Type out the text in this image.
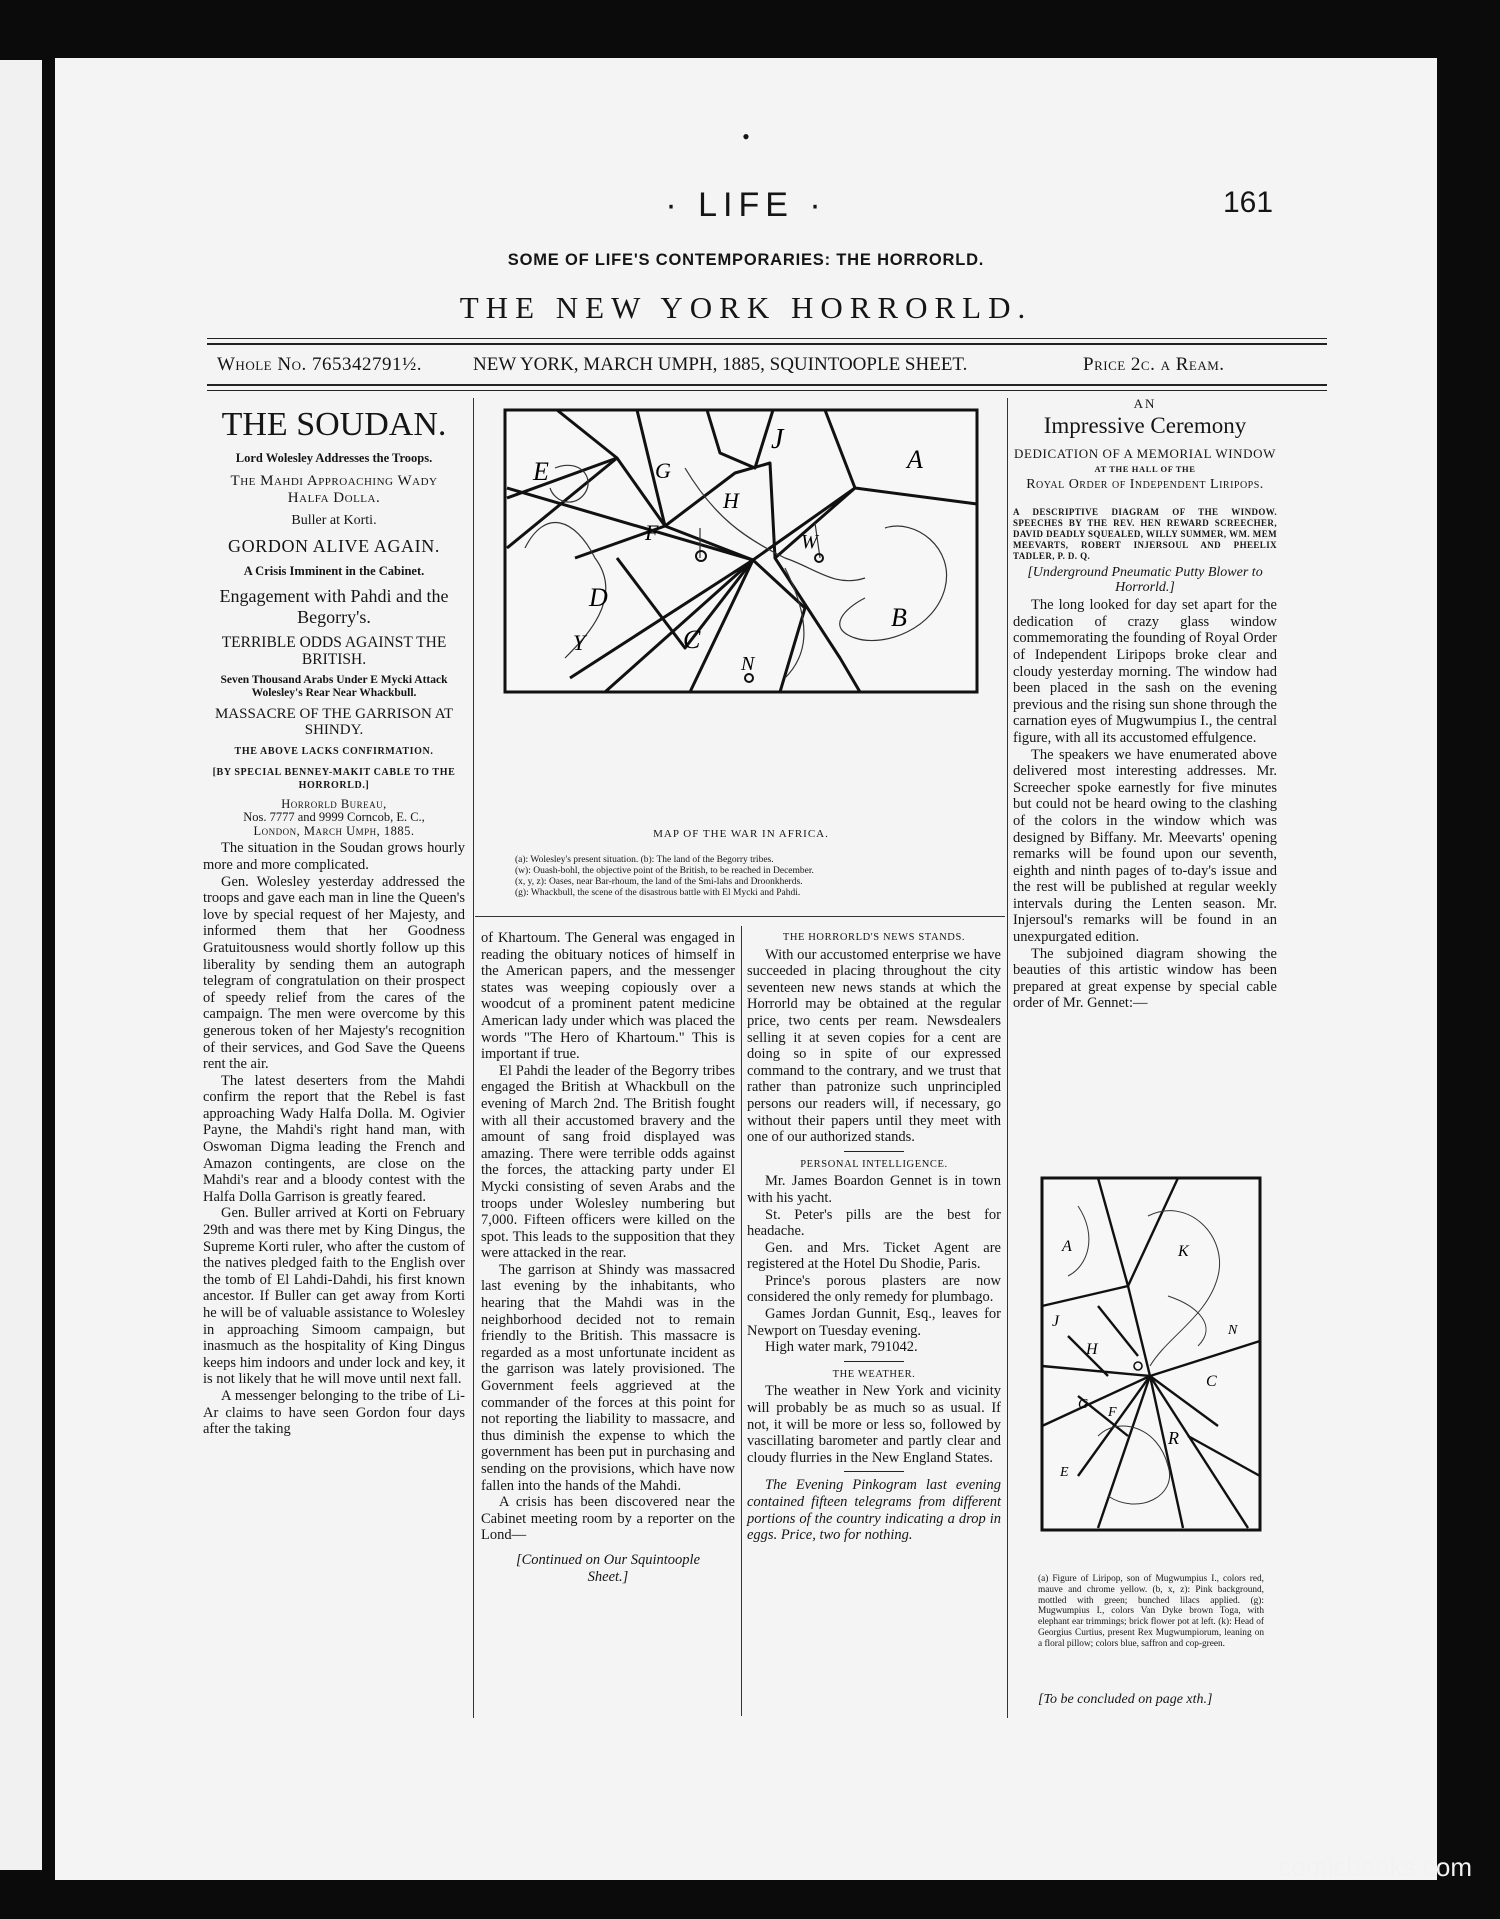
•
· LIFE ·	161
SOME OF LIFE'S CONTEMPORARIES: THE HORRORLD.
THE NEW YORK HORRORLD.
Whole No. 765342791½.	NEW YORK, MARCH UMPH, 1885, SQUINTOOPLE SHEET.	Price 2c. a Ream.
THE SOUDAN.
Lord Wolesley Addresses the Troops.
The Mahdi Approaching Wady Halfa Dolla.
Buller at Korti.
GORDON ALIVE AGAIN.
A Crisis Imminent in the Cabinet.
Engagement with Pahdi and the Begorry's.
TERRIBLE ODDS AGAINST THE BRITISH.
Seven Thousand Arabs Under E Mycki Attack Wolesley's Rear Near Whackbull.
MASSACRE OF THE GARRISON AT SHINDY.
THE ABOVE LACKS CONFIRMATION.
[BY SPECIAL BENNEY-MAKIT CABLE TO THE HORRORLD.]
Horrorld Bureau,
Nos. 7777 and 9999 Corncob, E. C.,
London, March Umph, 1885.

The situation in the Soudan grows hourly more and more complicated.

Gen. Wolesley yesterday addressed the troops and gave each man in line the Queen's love by special request of her Majesty, and informed them that her Goodness Gratuitousness would shortly follow up this liberality by sending them an autograph telegram of congratulation on their prospect of speedy relief from the cares of the campaign. The men were overcome by this generous token of her Majesty's recognition of their services, and God Save the Queens rent the air.

The latest deserters from the Mahdi confirm the report that the Rebel is fast approaching Wady Halfa Dolla. M. Ogivier Payne, the Mahdi's right hand man, with Oswoman Digma leading the French and Amazon contingents, are close on the Mahdi's rear and a bloody contest with the Halfa Dolla Garrison is greatly feared.

Gen. Buller arrived at Korti on February 29th and was there met by King Dingus, the Supreme Korti ruler, who after the custom of the natives pledged faith to the English over the tomb of El Lahdi-Dahdi, his first known ancestor. If Buller can get away from Korti he will be of valuable assistance to Wolesley in approaching Simoom campaign, but inasmuch as the hospitality of King Dingus keeps him indoors and under lock and key, it is not likely that he will move until next fall.

A messenger belonging to the tribe of Li-Ar claims to have seen Gordon four days after the taking

E	G
J
A
H
F	W
D
B
Y	C
N
MAP OF THE WAR IN AFRICA.
(a): Wolesley's present situation. (b): The land of the Begorry tribes.
(w): Ouash-bohl, the objective point of the British, to be reached in December.
(x, y, z): Oases, near Bar-rhoum, the land of the Smi-lahs and Droonkherds.
(g): Whackbull, the scene of the disastrous battle with El Mycki and Pahdi.

of Khartoum. The General was engaged in reading the obituary notices of himself in the American papers, and the messenger states was weeping copiously over a woodcut of a prominent patent medicine American lady under which was placed the words "The Hero of Khartoum." This is important if true.

El Pahdi the leader of the Begorry tribes engaged the British at Whackbull on the evening of March 2nd. The British fought with all their accustomed bravery and the amount of sang froid displayed was amazing. There were terrible odds against the forces, the attacking party under El Mycki consisting of seven Arabs and the troops under Wolesley numbering but 7,000. Fifteen officers were killed on the spot. This leads to the supposition that they were attacked in the rear.

The garrison at Shindy was massacred last evening by the inhabitants, who hearing that the Mahdi was in the neighborhood decided not to remain friendly to the British. This massacre is regarded as a most unfortunate incident as the garrison was lately provisioned. The Government feels aggrieved at the commander of the forces at this point for not reporting the liability to massacre, and thus diminish the expense to which the government has been put in purchasing and sending on the provisions, which have now fallen into the hands of the Mahdi.

A crisis has been discovered near the Cabinet meeting room by a reporter on the Lond—

[Continued on Our Squintoople Sheet.]
THE HORRORLD'S NEWS STANDS.

With our accustomed enterprise we have succeeded in placing throughout the city seventeen new news stands at which the Horrorld may be obtained at the regular price, two cents per ream. Newsdealers selling it at seven copies for a cent are doing so in spite of our expressed command to the contrary, and we trust that rather than patronize such unprincipled persons our readers will, if necessary, go without their papers until they meet with one of our authorized stands.

PERSONAL INTELLIGENCE.

Mr. James Boardon Gennet is in town with his yacht.

St. Peter's pills are the best for headache.

Gen. and Mrs. Ticket Agent are registered at the Hotel Du Shodie, Paris.

Prince's porous plasters are now considered the only remedy for plumbago.

Games Jordan Gunnit, Esq., leaves for Newport on Tuesday evening.

High water mark, 791042.

THE WEATHER.

The weather in New York and vicinity will probably be as much so as usual. If not, it will be more or less so, followed by vascillating barometer and partly clear and cloudy flurries in the New England States.

The Evening Pinkogram last evening contained fifteen telegrams from different portions of the country indicating a drop in eggs. Price, two for nothing.

AN
Impressive Ceremony
DEDICATION OF A MEMORIAL WINDOW
AT THE HALL OF THE
Royal Order of Independent Liripops.
A DESCRIPTIVE DIAGRAM OF THE WINDOW. SPEECHES BY THE REV. HEN REWARD SCREECHER, DAVID DEADLY SQUEALED, WILLY SUMMER, WM. MEM MEEVARTS, ROBERT INJERSOUL AND PHEELIX TADLER, P. D. Q.
[Underground Pneumatic Putty Blower to Horrorld.]

The long looked for day set apart for the dedication of crazy glass window commemorating the founding of Royal Order of Independent Liripops broke clear and cloudy yesterday morning. The window had been placed in the sash on the evening previous and the rising sun shone through the carnation eyes of Mugwumpius I., the central figure, with all its accustomed effulgence.

The speakers we have enumerated above delivered most interesting addresses. Mr. Screecher spoke earnestly for five minutes but could not be heard owing to the clashing of the colors in the window which was designed by Biffany. Mr. Meevarts' opening remarks will be found upon our seventh, eighth and ninth pages of to-day's issue and the rest will be published at regular weekly intervals during the Lenten season. Mr. Injersoul's remarks will be found in an unexpurgated edition.

The subjoined diagram showing the beauties of this artistic window has been prepared at great expense by special cable order of Mr. Gennet:—

A
J
H
G
F
E
R
C
N
K
(a) Figure of Liripop, son of Mugwumpius I., colors red, mauve and chrome yellow. (b, x, z): Pink background, mottled with green; bunched lilacs applied. (g): Mugwumpius I., colors Van Dyke brown Toga, with elephant ear trimmings; brick flower pot at left. (k): Head of Georgius Curtius, present Rex Mugwumpiorum, leaning on a floral pillow; colors blue, saffron and cop-green.
[To be concluded on page xth.]
comicbooks.com
